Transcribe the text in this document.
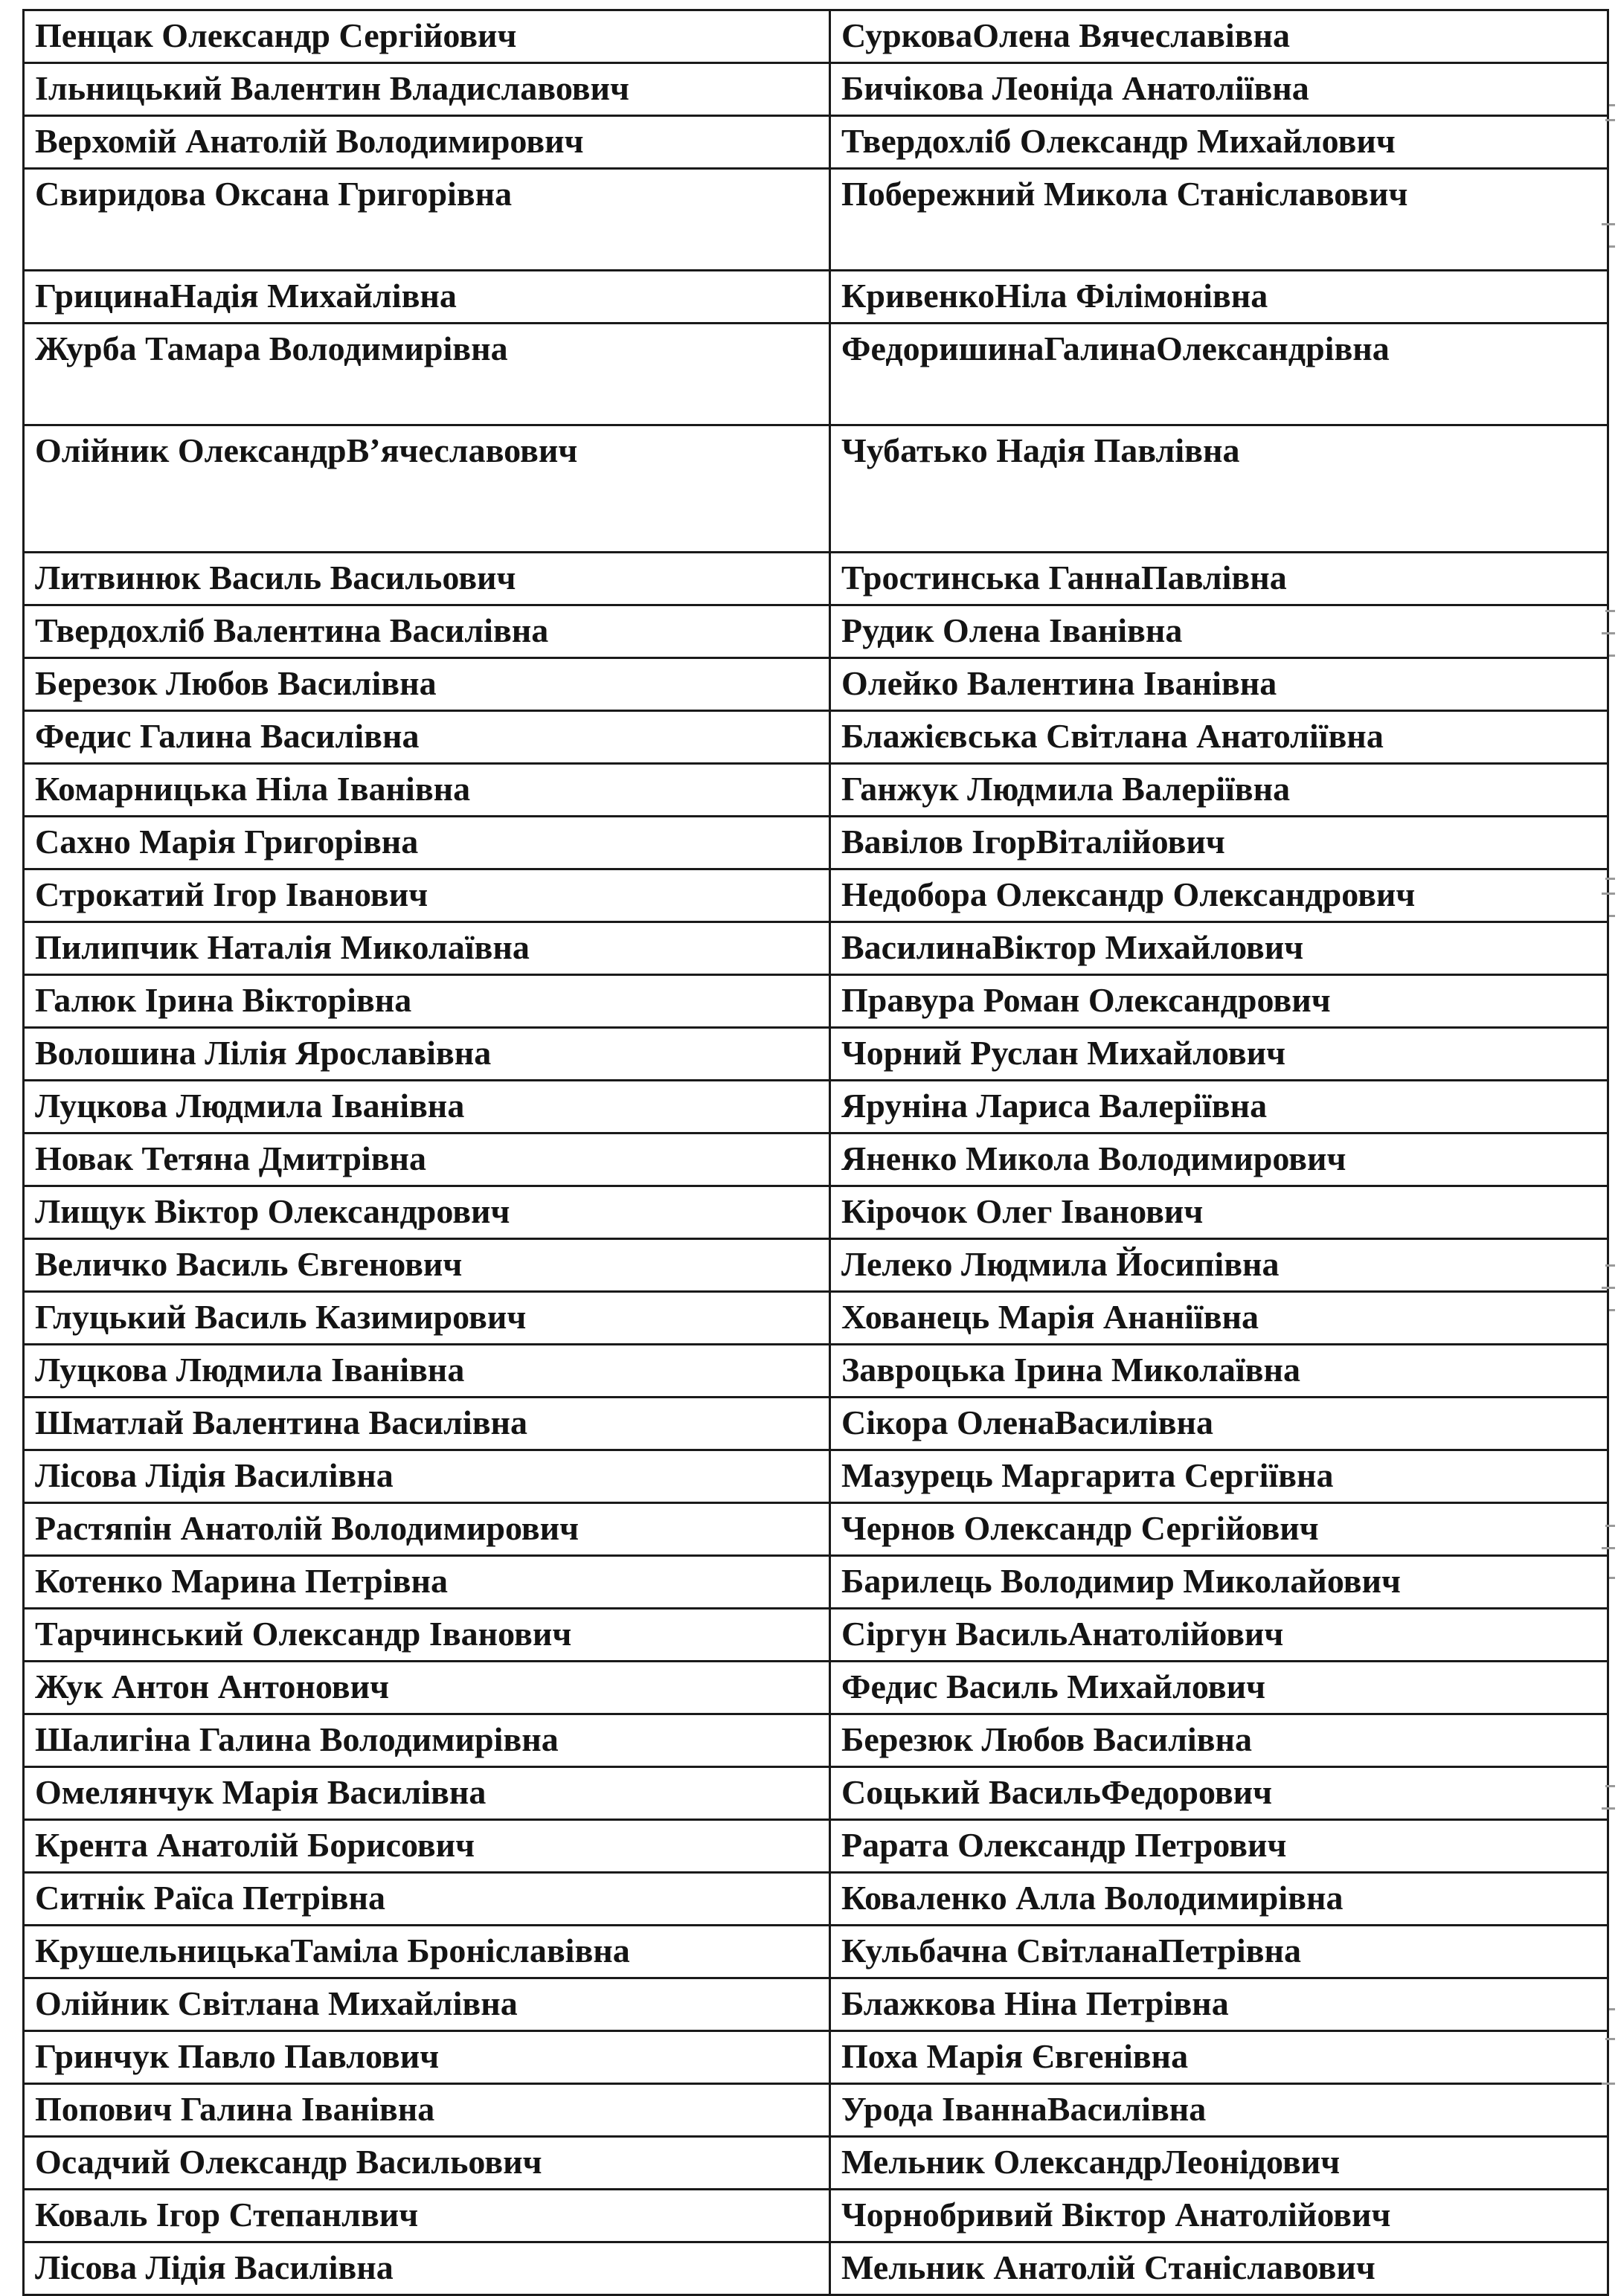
Пенцак Олександр Сергійович	СурковаОлена Вячеславівна
Ільницький Валентин Владиславович	Бичікова Леоніда Анатоліївна
Верхомій Анатолій Володимирович	Твердохліб Олександр Михайлович
Свиридова Оксана Григорівна	Побережний Микола Станіславович
ГрицинаНадія Михайлівна	КривенкоНіла Філімонівна
Журба Тамара Володимирівна	ФедоришинаГалинаОлександрівна
Олійник ОлександрВ’ячеславович	Чубатько Надія Павлівна
Литвинюк Василь Васильович	Тростинська ГаннаПавлівна
Твердохліб Валентина Василівна	Рудик Олена Іванівна
Березок Любов Василівна	Олейко Валентина Іванівна
Федис Галина Василівна	Блажієвська Світлана Анатоліївна
Комарницька Ніла Іванівна	Ганжук Людмила Валеріївна
Сахно Марія Григорівна	Вавілов ІгорВіталійович
Строкатий Ігор Іванович	Недобора Олександр Олександрович
Пилипчик Наталія Миколаївна	ВасилинаВіктор Михайлович
Галюк Ірина Вікторівна	Правура Роман Олександрович
Волошина Лілія Ярославівна	Чорний Руслан Михайлович
Луцкова Людмила Іванівна	Ярунінa Лариса Валеріївна
Новак Тетяна Дмитрівна	Яненко Микола Володимирович
Лищук Віктор Олександрович	Кірочок Олег Іванович
Величко Василь Євгенович	Лелеко Людмила Йосипівна
Глуцький Василь Казимирович	Хованець Марія Ананіївна
Луцкова Людмила Іванівна	Заврoцька Ірина Миколаївна
Шматлай Валентина Василівна	Сікора ОленаВасилівна
Лісова Лідія Василівна	Мазурець Маргарита Сергіївна
Растяпін Анатолій Володимирович	Чернов Олександр Сергійович
Котенко Марина Петрівна	Барилець Володимир Миколайович
Тарчинський Олександр Іванович	Сіргун ВасильАнатолійович
Жук Антон Антонович	Федис Василь Михайлович
Шалигіна Галина Володимирівна	Березюк Любов Василівна
Омелянчук Марія Василівна	Соцький ВасильФедорович
Крента Анатолій Борисович	Рарата Олександр Петрович
Ситнік Раїса Петрівна	Коваленко Алла Володимирівна
КрушельницькаТаміла Броніславівна	Кульбачна СвітланаПетрівна
Олійник Світлана Михайлівна	Блажкова Ніна Петрівна
Гринчук Павло Павлович	Поха Марія Євгенівна
Попович Галина Іванівна	Урода ІваннаВасилівна
Осадчий Олександр Васильович	Мельник ОлександрЛеонідович
Коваль Ігор Степанлвич	Чорнобривий Віктор Анатолійович
Лісова Лідія Василівна	Мельник Анатолій Станіславович
